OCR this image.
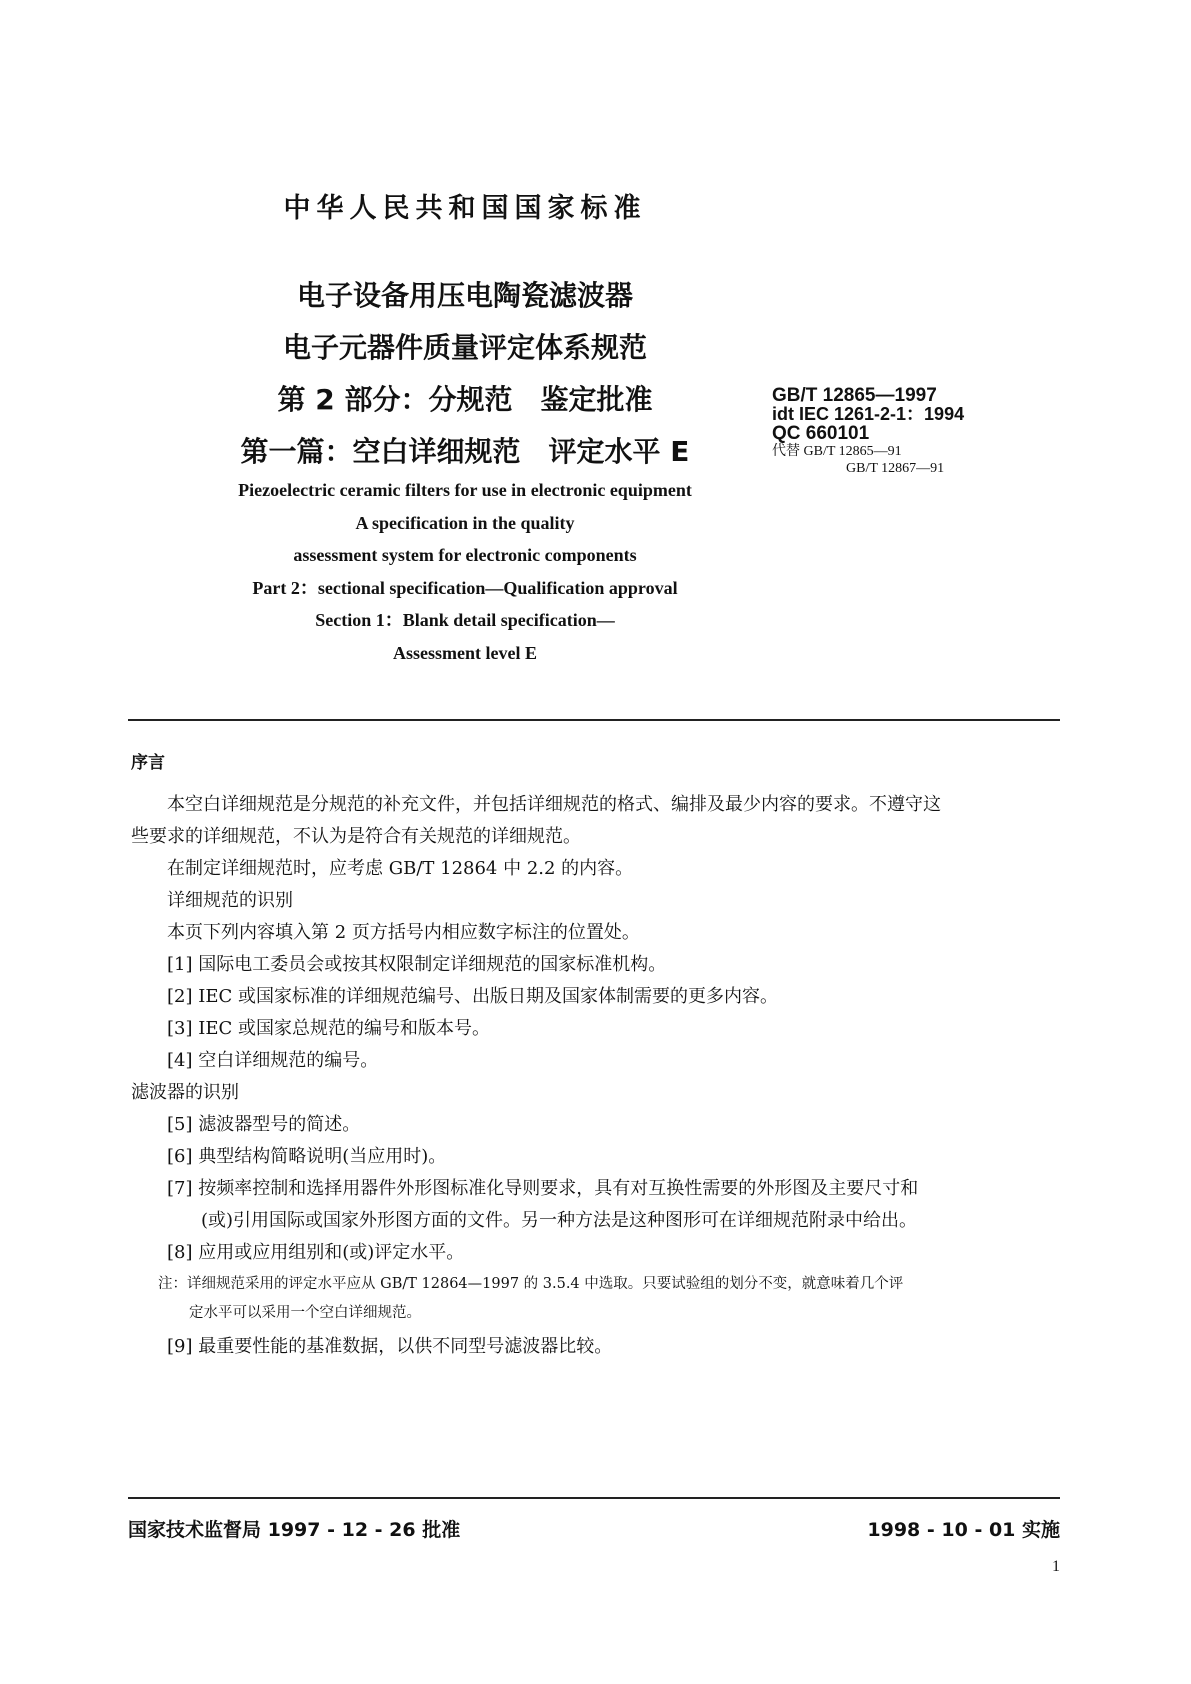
中华人民共和国国家标准
电子设备用压电陶瓷滤波器
电子元器件质量评定体系规范
第 2 部分：分规范　鉴定批准
第一篇：空白详细规范　评定水平 E
Piezoelectric ceramic filters for use in electronic equipment
A specification in the quality
assessment system for electronic components
Part 2：sectional specification—Qualification approval
Section 1：Blank detail specification—
Assessment level E
GB/T 12865—1997
idt IEC 1261-2-1：1994
QC 660101
代替 GB/T 12865—91
GB/T 12867—91
序言
本空白详细规范是分规范的补充文件，并包括详细规范的格式、编排及最少内容的要求。不遵守这
些要求的详细规范，不认为是符合有关规范的详细规范。
在制定详细规范时，应考虑 GB/T 12864 中 2.2 的内容。
详细规范的识别
本页下列内容填入第 2 页方括号内相应数字标注的位置处。
[1] 国际电工委员会或按其权限制定详细规范的国家标准机构。
[2] IEC 或国家标准的详细规范编号、出版日期及国家体制需要的更多内容。
[3] IEC 或国家总规范的编号和版本号。
[4] 空白详细规范的编号。
滤波器的识别
[5] 滤波器型号的简述。
[6] 典型结构简略说明(当应用时)。
[7] 按频率控制和选择用器件外形图标准化导则要求，具有对互换性需要的外形图及主要尺寸和
(或)引用国际或国家外形图方面的文件。另一种方法是这种图形可在详细规范附录中给出。
[8] 应用或应用组别和(或)评定水平。
注：详细规范采用的评定水平应从 GB/T 12864—1997 的 3.5.4 中选取。只要试验组的划分不变，就意味着几个评
定水平可以采用一个空白详细规范。
[9] 最重要性能的基准数据，以供不同型号滤波器比较。
国家技术监督局 1997 - 12 - 26 批准	1998 - 10 - 01 实施
1
